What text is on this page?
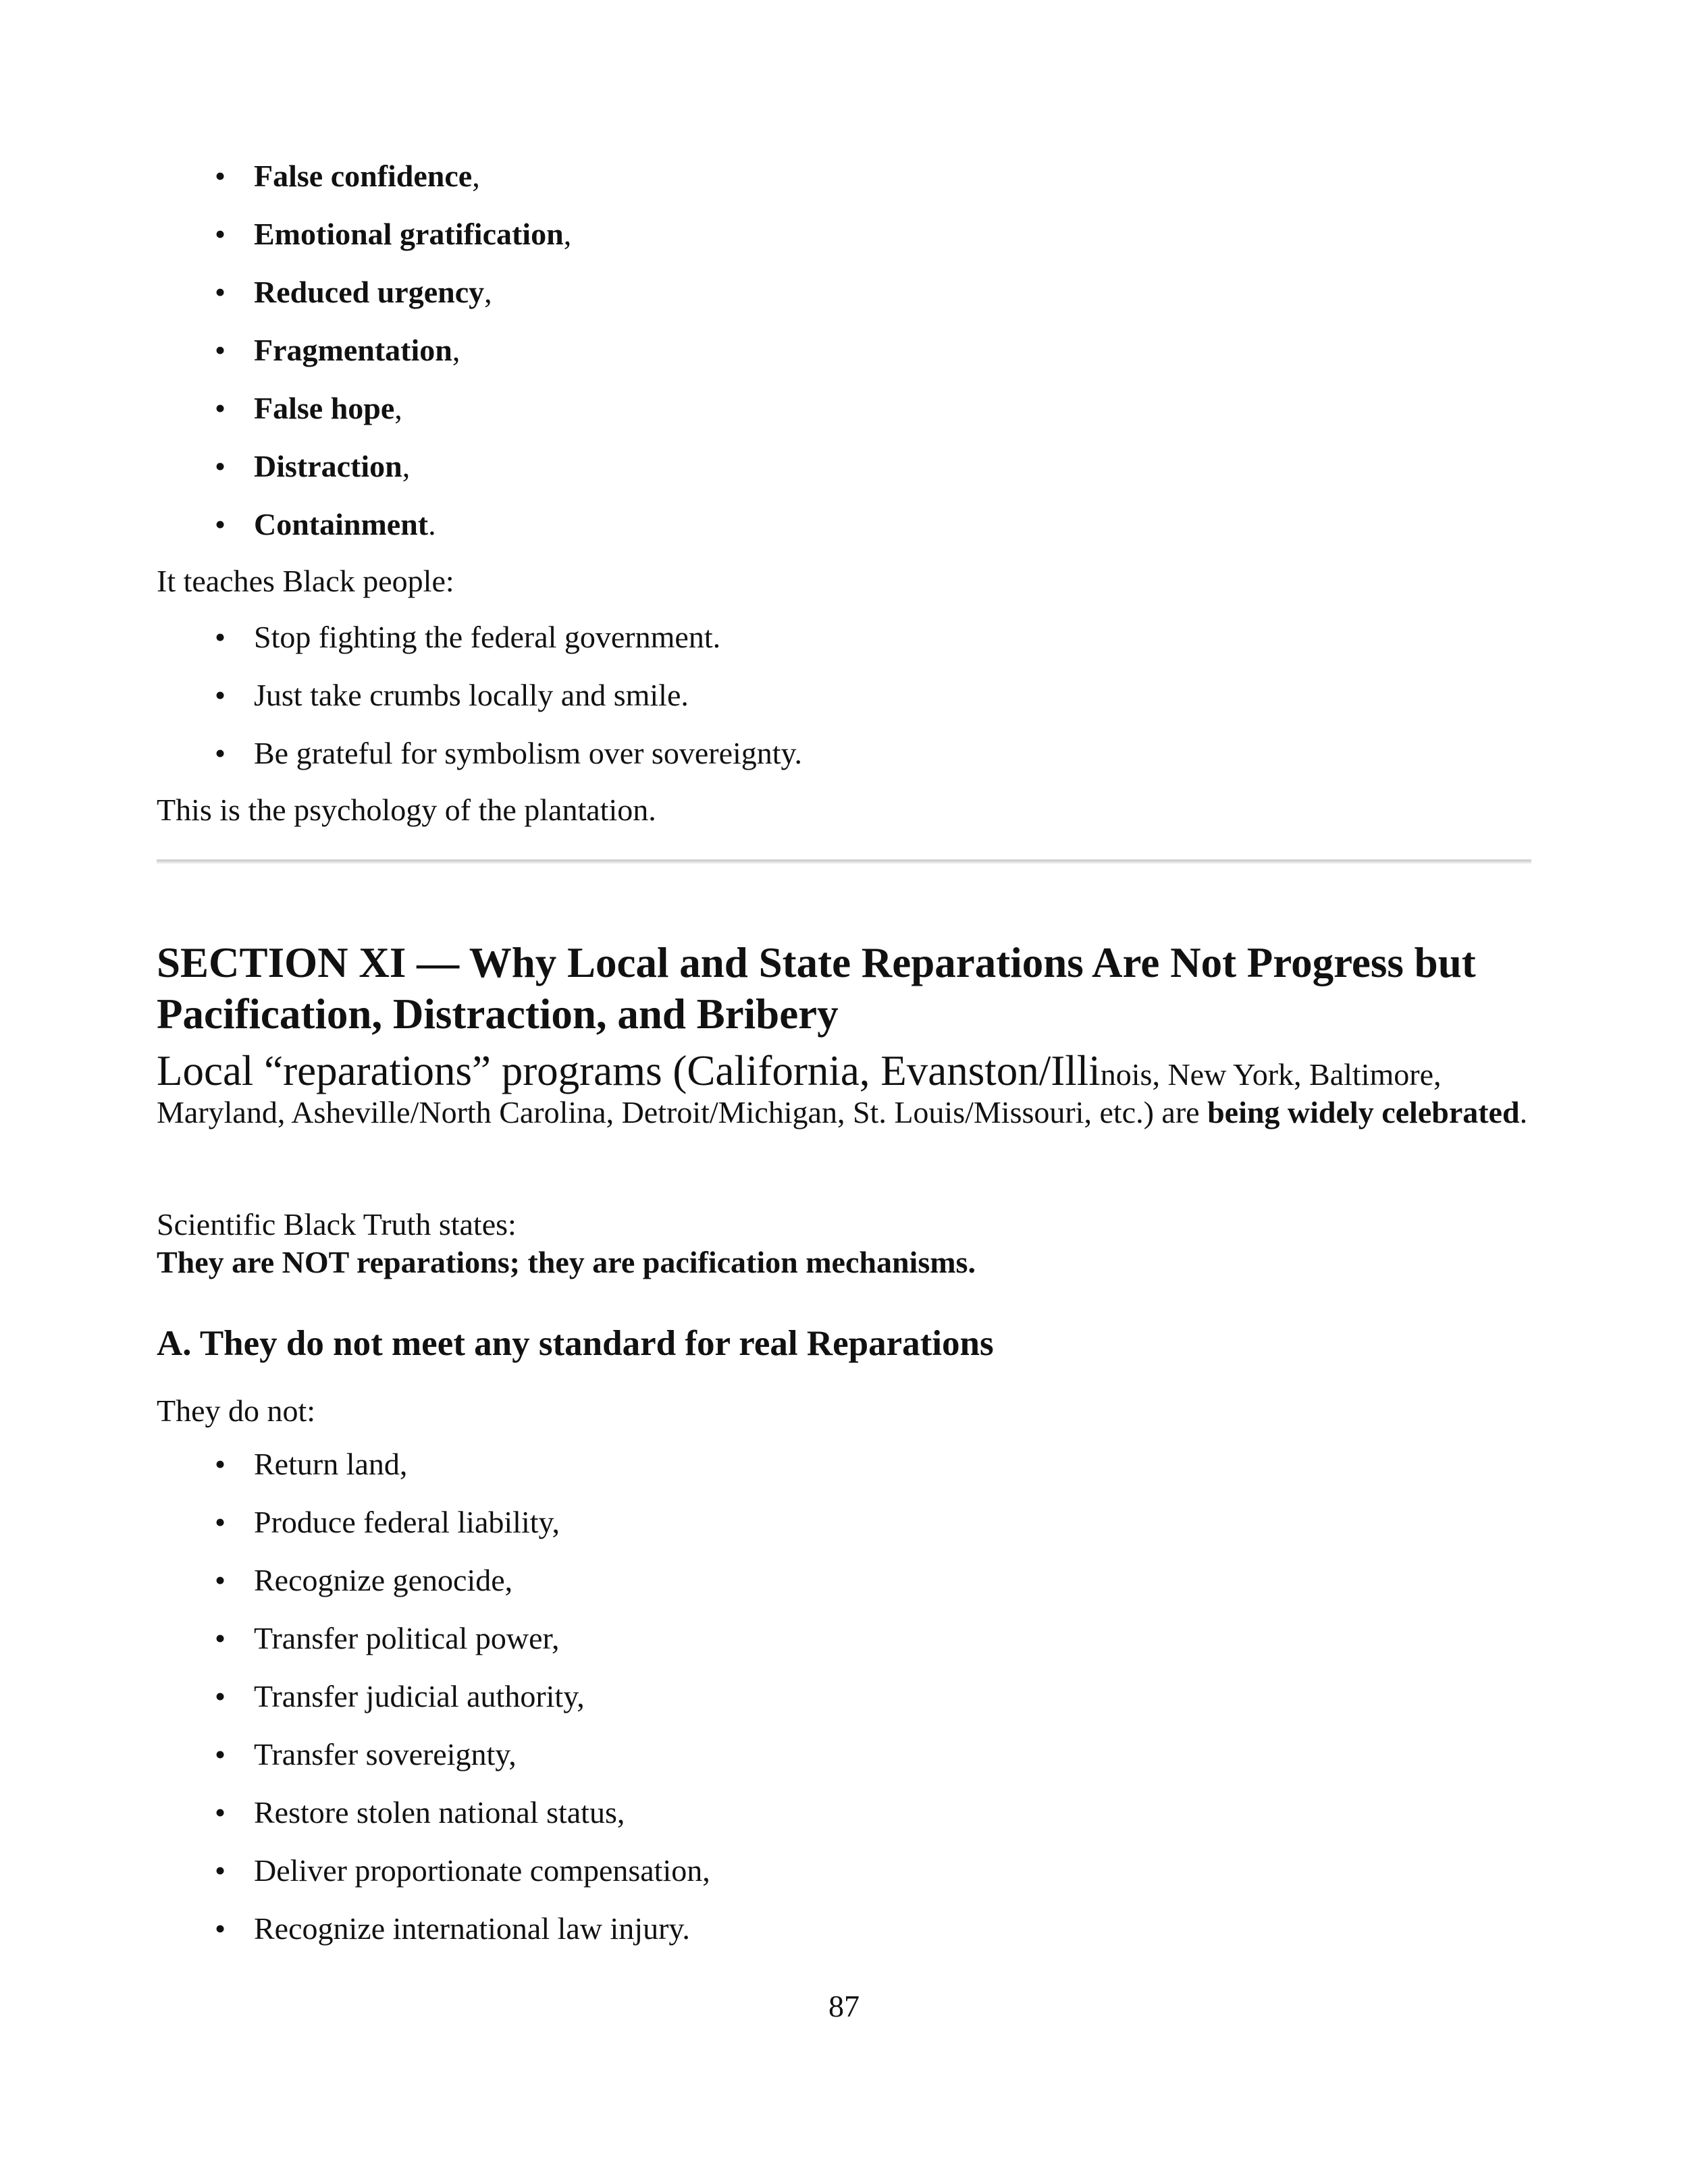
• False confidence,
• Emotional gratification,
• Reduced urgency,
• Fragmentation,
• False hope,
• Distraction,
• Containment.
It teaches Black people:
• Stop fighting the federal government.
• Just take crumbs locally and smile.
• Be grateful for symbolism over sovereignty.
This is the psychology of the plantation.
SECTION XI — Why Local and State Reparations Are Not Progress but Pacification, Distraction, and Bribery

Local “reparations” programs (California, Evanston/Illinois, New York, Baltimore, Maryland, Asheville/North Carolina, Detroit/Michigan, St. Louis/Missouri, etc.) are being widely celebrated.

Scientific Black Truth states:
They are NOT reparations; they are pacification mechanisms.
A. They do not meet any standard for real Reparations
They do not:
• Return land,
• Produce federal liability,
• Recognize genocide,
• Transfer political power,
• Transfer judicial authority,
• Transfer sovereignty,
• Restore stolen national status,
• Deliver proportionate compensation,
• Recognize international law injury.
87
